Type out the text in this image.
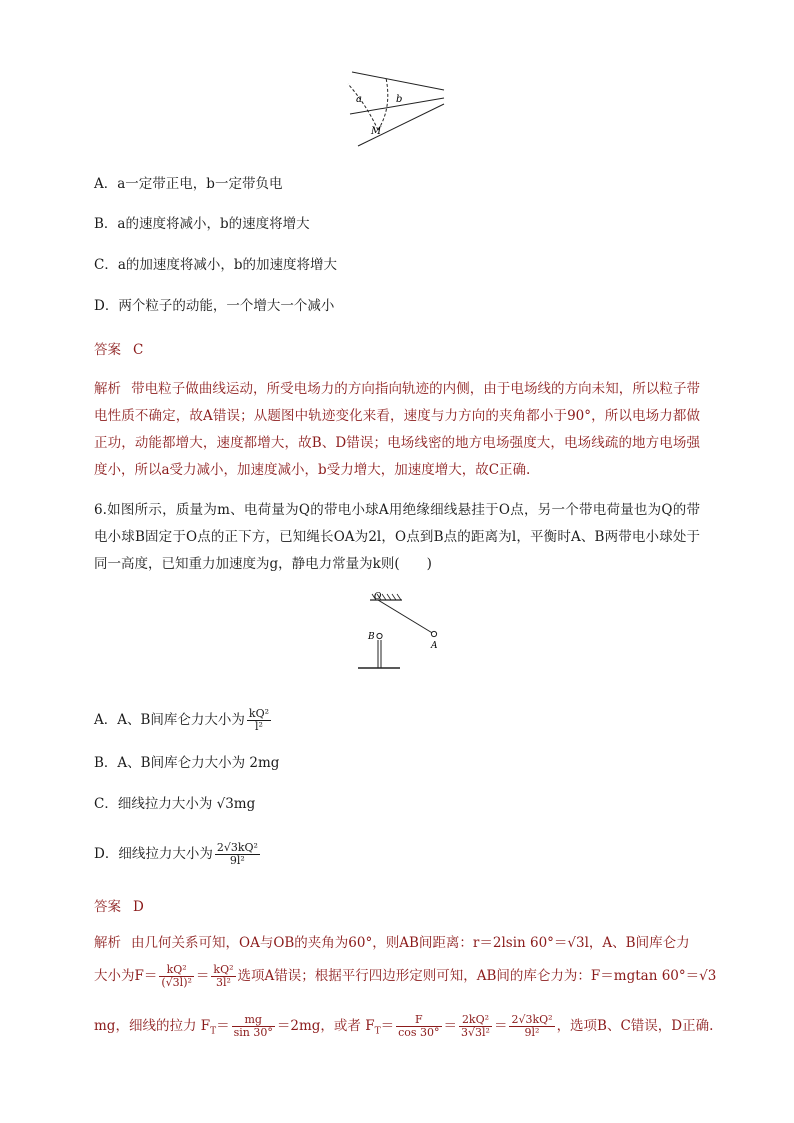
a	b
M
A．a一定带正电，b一定带负电
B．a的速度将减小，b的速度将增大
C．a的加速度将减小，b的加速度将增大
D．两个粒子的动能，一个增大一个减小
答案 C
解析 带电粒子做曲线运动，所受电场力的方向指向轨迹的内侧，由于电场线的方向未知，所以粒子带电性质不确定，故A错误；从题图中轨迹变化来看，速度与力方向的夹角都小于90°，所以电场力都做正功，动能都增大，速度都增大，故B、D错误；电场线密的地方电场强度大，电场线疏的地方电场强度小，所以a受力减小，加速度减小，b受力增大，加速度增大，故C正确.
6.如图所示，质量为m、电荷量为Q的带电小球A用绝缘细线悬挂于O点，另一个带电荷量也为Q的带电小球B固定于O点的正下方，已知绳长OA为2l，O点到B点的距离为l，平衡时A、B两带电小球处于同一高度，已知重力加速度为g，静电力常量为k则(　　)
O
B
A
A．A、B间库仑力大小为 $\frac{\text{kQ²}}{\text{l²}}$
B．A、B间库仑力大小为 2mg
C．细线拉力大小为 √3mg
D．细线拉力大小为 $\frac{\text{2√3kQ²}}{\text{9l²}}$
答案 D
解析 由几何关系可知，OA与OB的夹角为60°，则AB间距离：r＝2lsin 60°＝√3l，A、B间库仑力
大小为$F= \frac{\text{kQ²}}{\text{(√3l)²}} = \frac{\text{kQ²}}{\text{3l²}}$ 选项A错误；根据平行四边形定则可知，AB间的库仑力为：F＝mgtan 60°＝√3
mg，细线的拉力 $F_T= \frac{mg}{\sin 30^\circ} =2mg$，或者 $F_T= \frac{F}{\cos 30^\circ} = \frac{\text{2kQ²}}{\text{3√3l²}} = \frac{\text{2√3kQ²}}{\text{9l²}}$ ，选项B、C错误，D正确.
